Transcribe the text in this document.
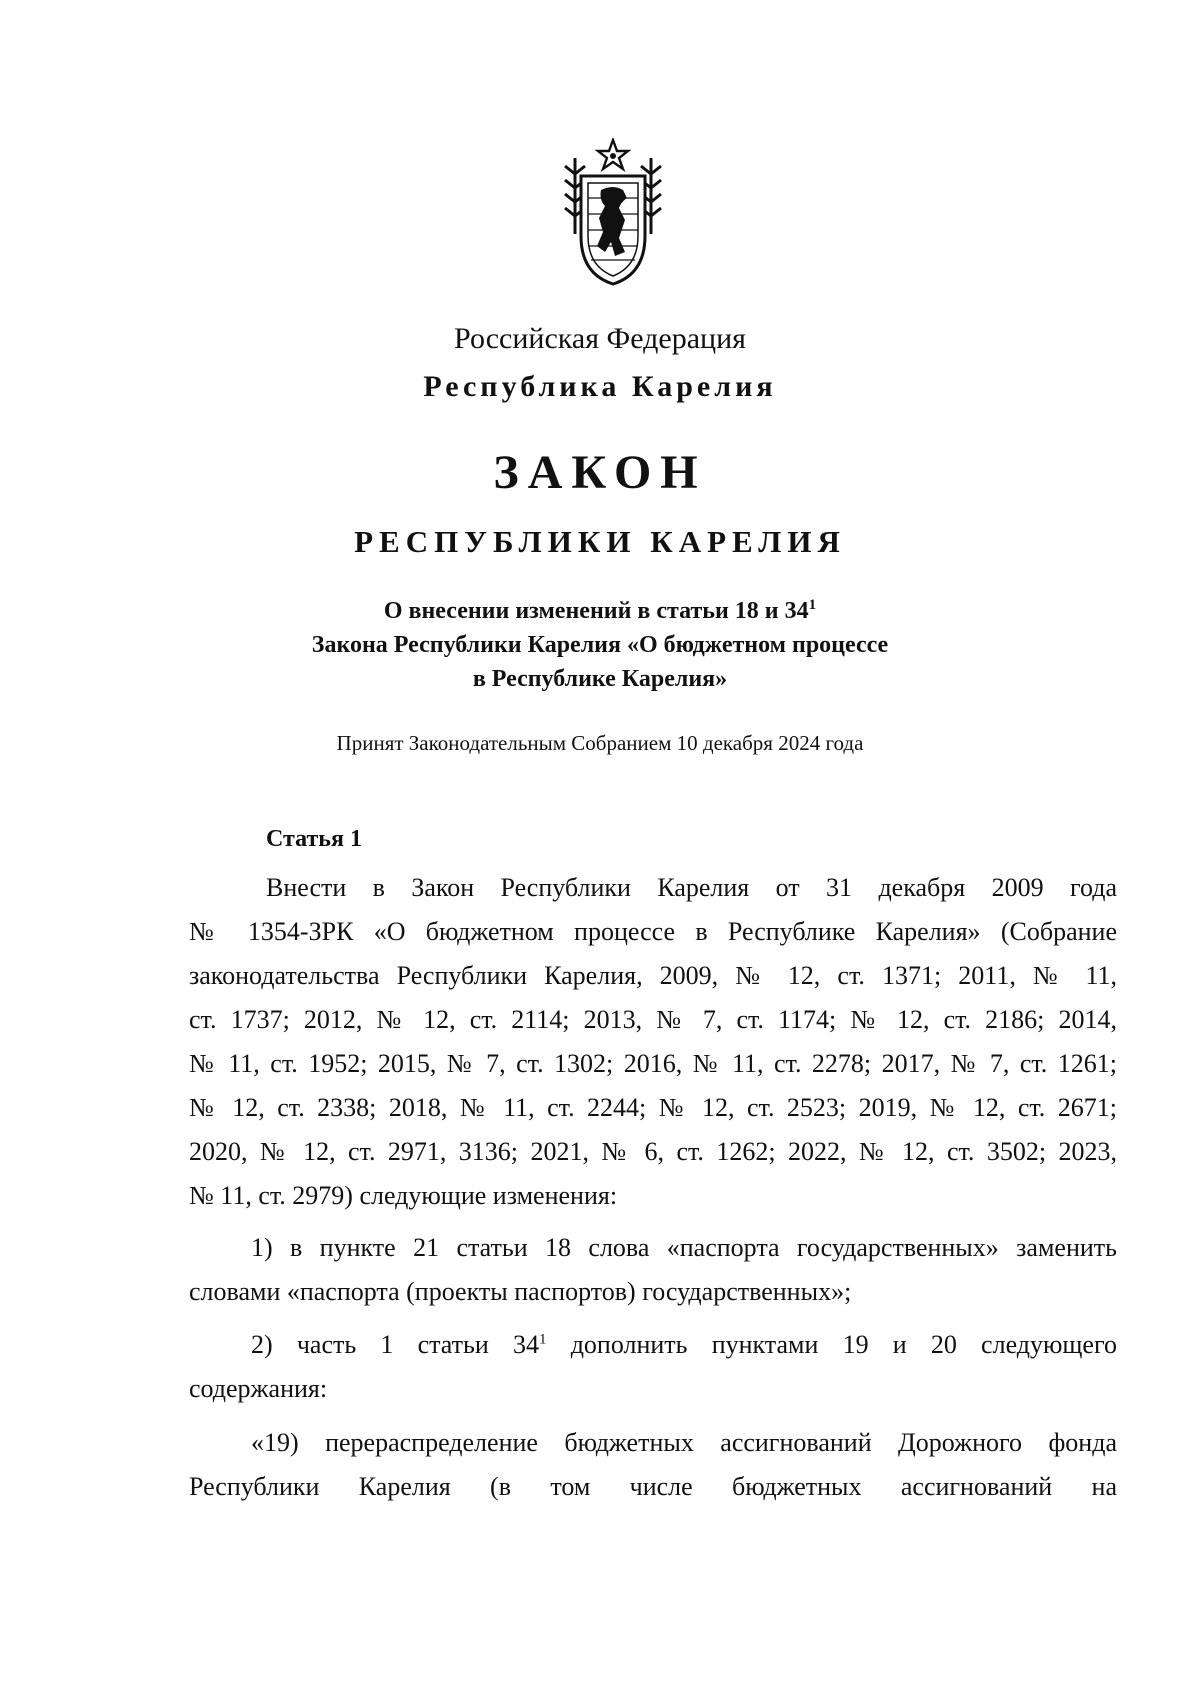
Российская Федерация
Республика Карелия
ЗАКОН
РЕСПУБЛИКИ КАРЕЛИЯ
О внесении изменений в статьи 18 и $34^1$
Закона Республики Карелия «О бюджетном процессе
в Республике Карелия»
Принят Законодательным Собранием 10 декабря 2024 года
Статья 1
Внести в Закон Республики Карелия от 31 декабря 2009 года
№ 1354-ЗРК «О бюджетном процессе в Республике Карелия» (Собрание
законодательства Республики Карелия, 2009, № 12, ст. 1371; 2011, № 11,
ст. 1737; 2012, № 12, ст. 2114; 2013, № 7, ст. 1174; № 12, ст. 2186; 2014,
№ 11, ст. 1952; 2015, № 7, ст. 1302; 2016, № 11, ст. 2278; 2017, № 7, ст. 1261;
№ 12, ст. 2338; 2018, № 11, ст. 2244; № 12, ст. 2523; 2019, № 12, ст. 2671;
2020, № 12, ст. 2971, 3136; 2021, № 6, ст. 1262; 2022, № 12, ст. 3502; 2023,
№ 11, ст. 2979) следующие изменения:
1) в пункте 21 статьи 18 слова «паспорта государственных» заменить
словами «паспорта (проекты паспортов) государственных»;
2) часть 1 статьи $34^1$ дополнить пунктами 19 и 20 следующего
содержания:
«19) перераспределение бюджетных ассигнований Дорожного фонда
Республики Карелия (в том числе бюджетных ассигнований на
